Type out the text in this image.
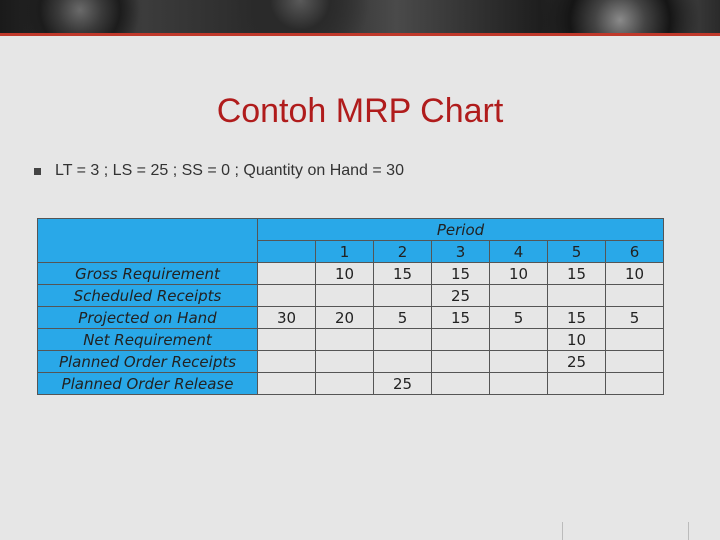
Contoh MRP Chart
LT = 3 ; LS = 25 ; SS = 0 ; Quantity on Hand = 30
	Period						
		1	2	3	4	5	6
Gross Requirement		10	15	15	10	15	10
Scheduled Receipts				25			
Projected on Hand	30	20	5	15	5	15	5
Net Requirement						10	
Planned Order Receipts						25	
Planned Order Release			25				
